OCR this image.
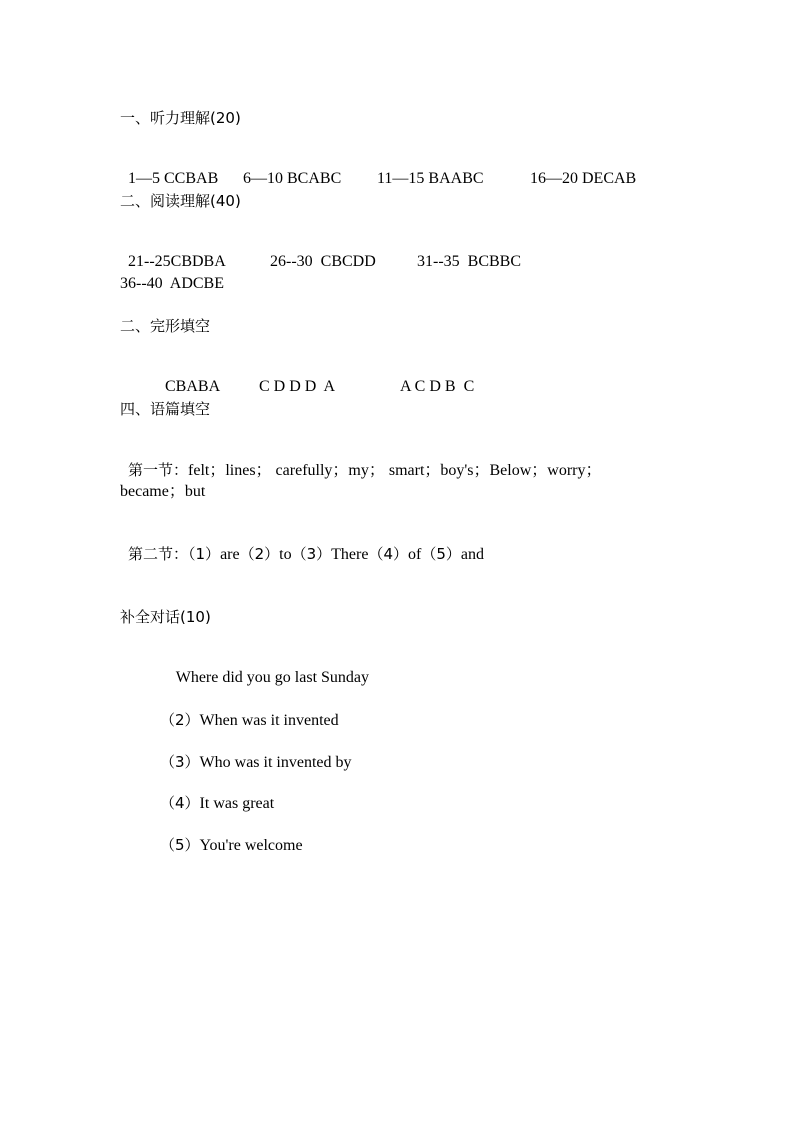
一、听力理解(20)

1—5 CCBAB 6—10 BCABC 11—15 BAABC	16—20 DECAB

二、阅读理解(40)

21--25CBDBA	26--30  CBCDD	31--35  BCBBC

36--40  ADCBE
二、完形填空

CBABA C D D D  A	A C D B  C

四、语篇填空

第一节：felt；lines； carefully；my； smart；boy's；Below；worry；

became；but

第二节：（1）are（2）to（3）There（4）of（5）and

补全对话(10)

Where did you go last Sunday

（2）When was it invented

（3）Who was it invented by

（4）It was great

（5）You're welcome
